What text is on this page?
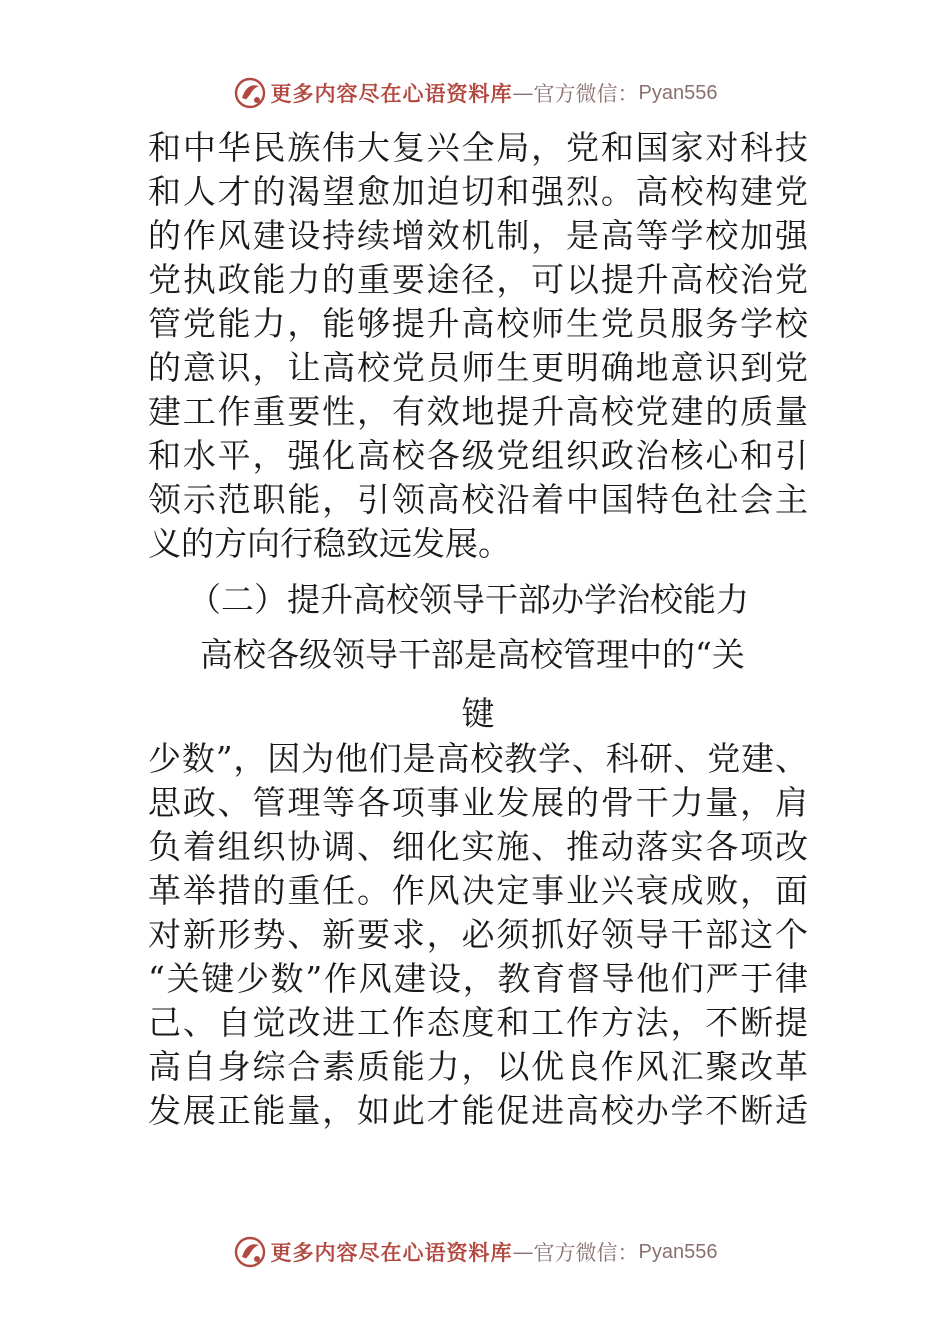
更多内容尽在心语资料库 — 官方微信： Pyan556
和中华民族伟大复兴全局，党和国家对科技
和人才的渴望愈加迫切和强烈。高校构建党
的作风建设持续增效机制，是高等学校加强
党执政能力的重要途径，可以提升高校治党
管党能力，能够提升高校师生党员服务学校
的意识，让高校党员师生更明确地意识到党
建工作重要性，有效地提升高校党建的质量
和水平，强化高校各级党组织政治核心和引
领示范职能，引领高校沿着中国特色社会主
义的方向行稳致远发展。
（二）提升高校领导干部办学治校能力
高校各级领导干部是高校管理中的“关
键
少数”，因为他们是高校教学、科研、党建、
思政、管理等各项事业发展的骨干力量，肩
负着组织协调、细化实施、推动落实各项改
革举措的重任。作风决定事业兴衰成败，面
对新形势、新要求，必须抓好领导干部这个
“关键少数”作风建设，教育督导他们严于律
己、自觉改进工作态度和工作方法，不断提
高自身综合素质能力，以优良作风汇聚改革
发展正能量，如此才能促进高校办学不断适
更多内容尽在心语资料库 — 官方微信： Pyan556
